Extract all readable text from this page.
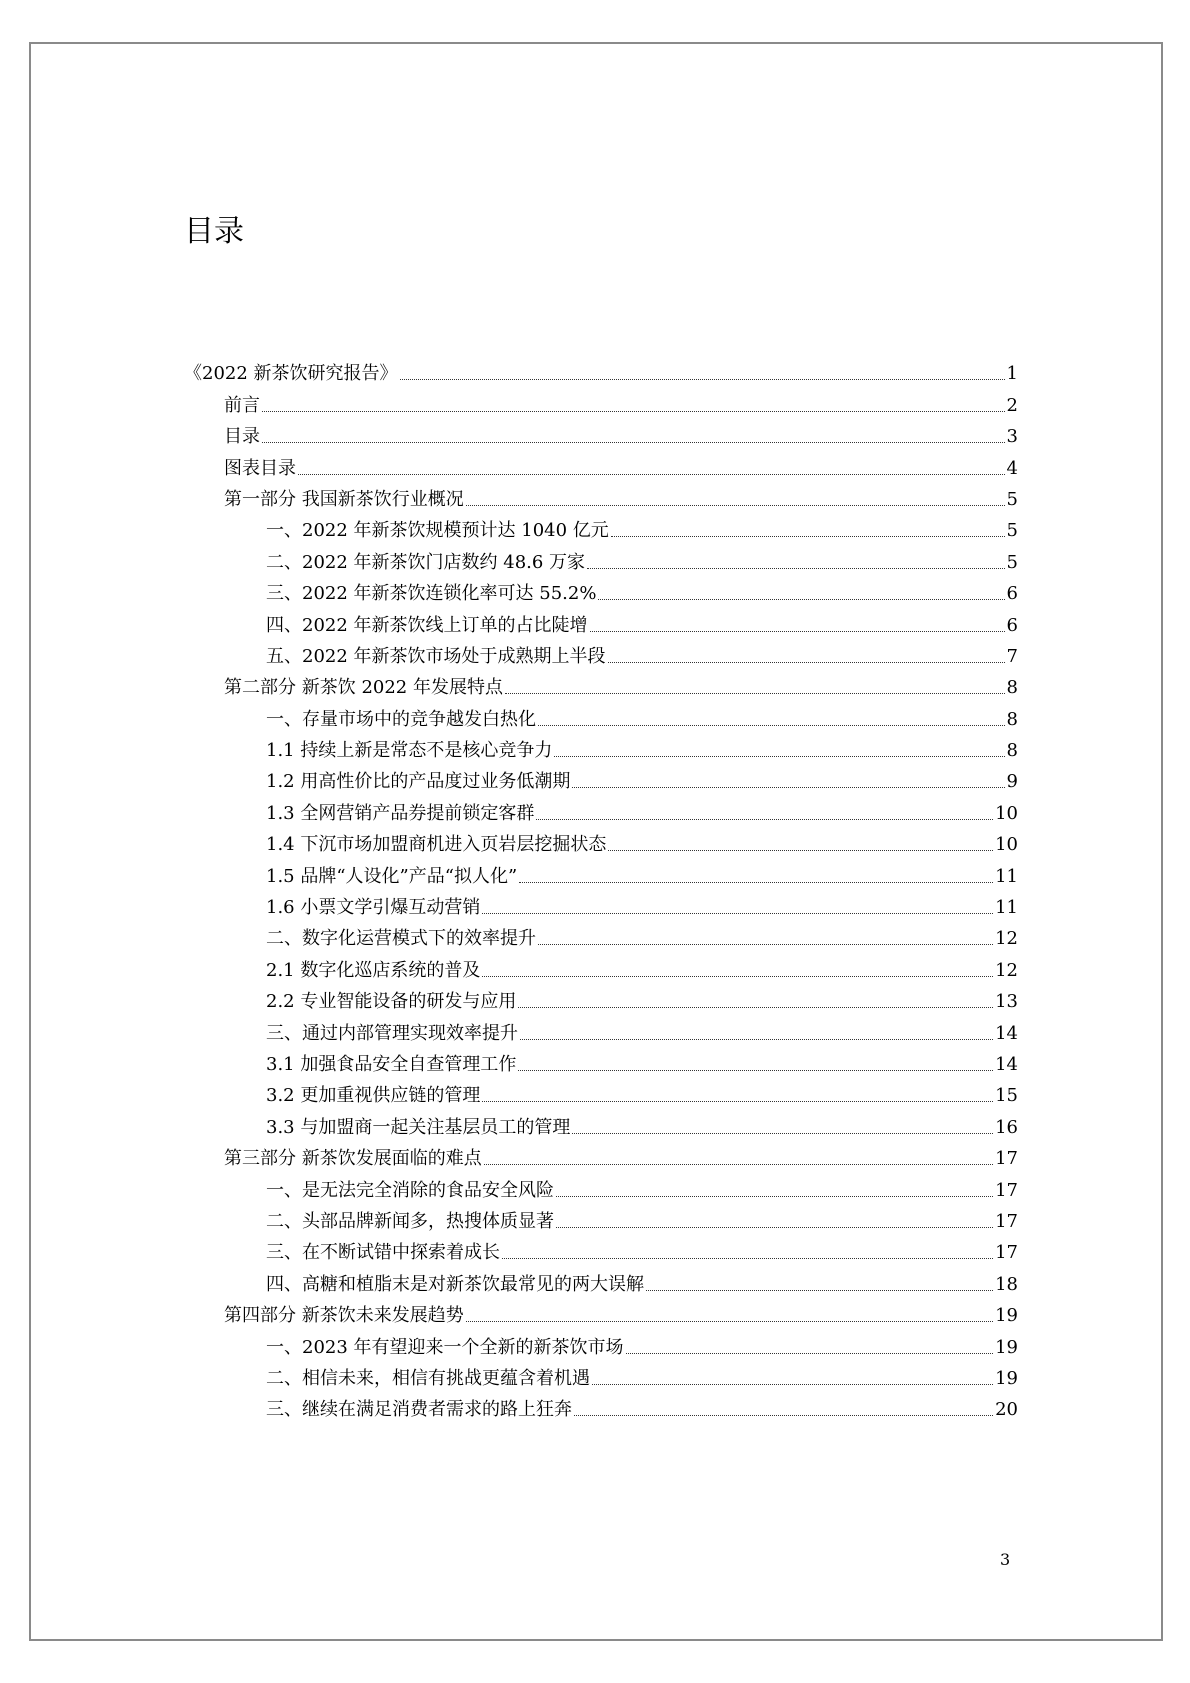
目录
《2022 新茶饮研究报告》	1
前言	2
目录	3
图表目录	4
第一部分 我国新茶饮行业概况	5
一、2022 年新茶饮规模预计达 1040 亿元	5
二、2022 年新茶饮门店数约 48.6 万家	5
三、2022 年新茶饮连锁化率可达 55.2%	6
四、2022 年新茶饮线上订单的占比陡增	6
五、2022 年新茶饮市场处于成熟期上半段	7
第二部分 新茶饮 2022 年发展特点	8
一、存量市场中的竞争越发白热化	8
1.1 持续上新是常态不是核心竞争力	8
1.2 用高性价比的产品度过业务低潮期	9
1.3 全网营销产品券提前锁定客群	10
1.4 下沉市场加盟商机进入页岩层挖掘状态	10
1.5 品牌“人设化”产品“拟人化”	11
1.6 小票文学引爆互动营销	11
二、数字化运营模式下的效率提升	12
2.1 数字化巡店系统的普及	12
2.2 专业智能设备的研发与应用	13
三、通过内部管理实现效率提升	14
3.1 加强食品安全自查管理工作	14
3.2 更加重视供应链的管理	15
3.3 与加盟商一起关注基层员工的管理	16
第三部分 新茶饮发展面临的难点	17
一、是无法完全消除的食品安全风险	17
二、头部品牌新闻多，热搜体质显著	17
三、在不断试错中探索着成长	17
四、高糖和植脂末是对新茶饮最常见的两大误解	18
第四部分 新茶饮未来发展趋势	19
一、2023 年有望迎来一个全新的新茶饮市场	19
二、相信未来，相信有挑战更蕴含着机遇	19
三、继续在满足消费者需求的路上狂奔	20
3
